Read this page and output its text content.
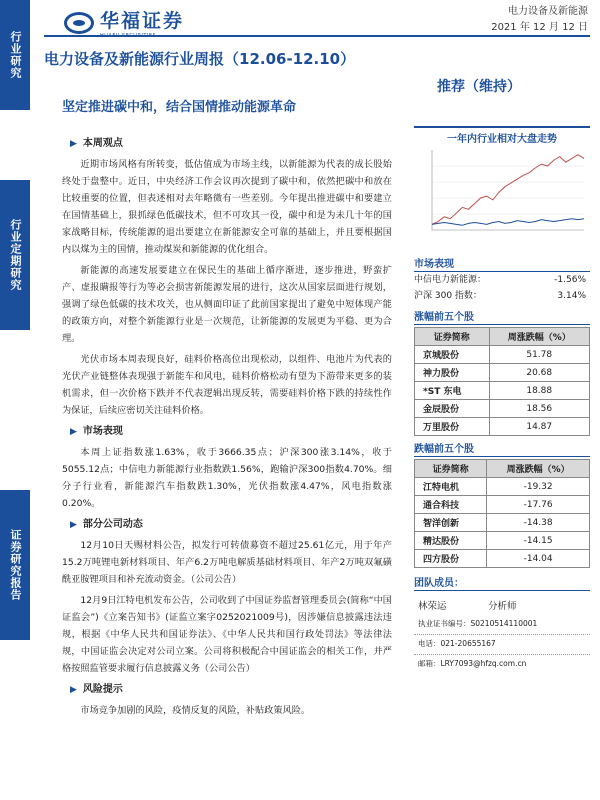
行业研究
行业定期研究
证券研究报告
华福证券	电力设备及新能源
2021 年 12 月 12 日
电力设备及新能源行业周报（12.06-12.10）
推荐（维持）
坚定推进碳中和，结合国情推动能源革命
▶ 本周观点

近期市场风格有所转变，低估值成为市场主线，以新能源为代表的成长股始终处于盘整中。近日，中央经济工作会议再次提到了碳中和，依然把碳中和放在比较重要的位置，但表述相对去年略微有一些差别。今年提出推进碳中和要建立在国情基础上，狠抓绿色低碳技术，但不可攻其一役，碳中和是为未几十年的国家战略目标，传统能源的退出要建立在新能源安全可靠的基础上，并且要根据国内以煤为主的国情，推动煤炭和新能源的优化组合。

新能源的高速发展要建立在保民生的基础上循序渐进，逐步推进，野蛮扩产、虚报瞒报等行为等必会损害新能源发展的进行，这次从国家层面进行规划，强调了绿色低碳的技术攻关，也从侧面印证了此前国家提出了避免中短体现产能的政策方向，对整个新能源行业是一次规范，让新能源的发展更为平稳、更为合理。

光伏市场本周表现良好，硅料价格高位出现松动，以组件、电池片为代表的光伏产业链整体表现强于新能车和风电，硅料价格松动有望为下游带来更多的装机需求，但一次价格下跌并不代表逻辑出现反转，需要硅料价格下跌的持续性作为保证，后续应密切关注硅料价格。

▶ 市场表现

本周上证指数涨1.63%，收于3666.35点；沪深300涨3.14%，收于5055.12点；中信电力新能源行业指数跌1.56%，跑输沪深300指数4.70%。细分子行业看，新能源汽车指数跌1.30%，光伏指数涨4.47%，风电指数涨0.20%。

▶ 部分公司动态

12月10日天赐材料公告，拟发行可转债募资不超过25.61亿元，用于年产15.2万吨锂电新材料项目、年产6.2万吨电解质基础材料项目、年产2万吨双氟磺酰亚胺锂项目和补充流动资金。（公司公告）

12月9日江特电机发布公告，公司收到了中国证券监督管理委员会(简称“中国证监会”)《立案告知书》(证监立案字0252021009号)，因涉嫌信息披露违法违规，根据《中华人民共和国证券法》、《中华人民共和国行政处罚法》等法律法规，中国证监会决定对公司立案。公司将积极配合中国证监会的相关工作，并严格按照监管要求履行信息披露义务（公司公告）

▶ 风险提示

市场竞争加剧的风险，疫情反复的风险，补贴政策风险。

一年内行业相对大盘走势
市场表现
中信电力新能源：	-1.56%
沪深 300 指数：	3.14%
涨幅前五个股
证券简称	周涨跌幅（%）
京城股份	51.78
神力股份	20.68
*ST 东电	18.88
金辰股份	18.56
万里股份	14.87
跌幅前五个股
证券简称	周涨跌幅（%）
江特电机	-19.32
通合科技	-17.76
智洋创新	-14.38
精达股份	-14.15
四方股份	-14.04
团队成员：
林荣运	分析师
执业证书编号：S0210514110001
电话：021-20655167
邮箱：LRY7093@hfzq.com.cn
